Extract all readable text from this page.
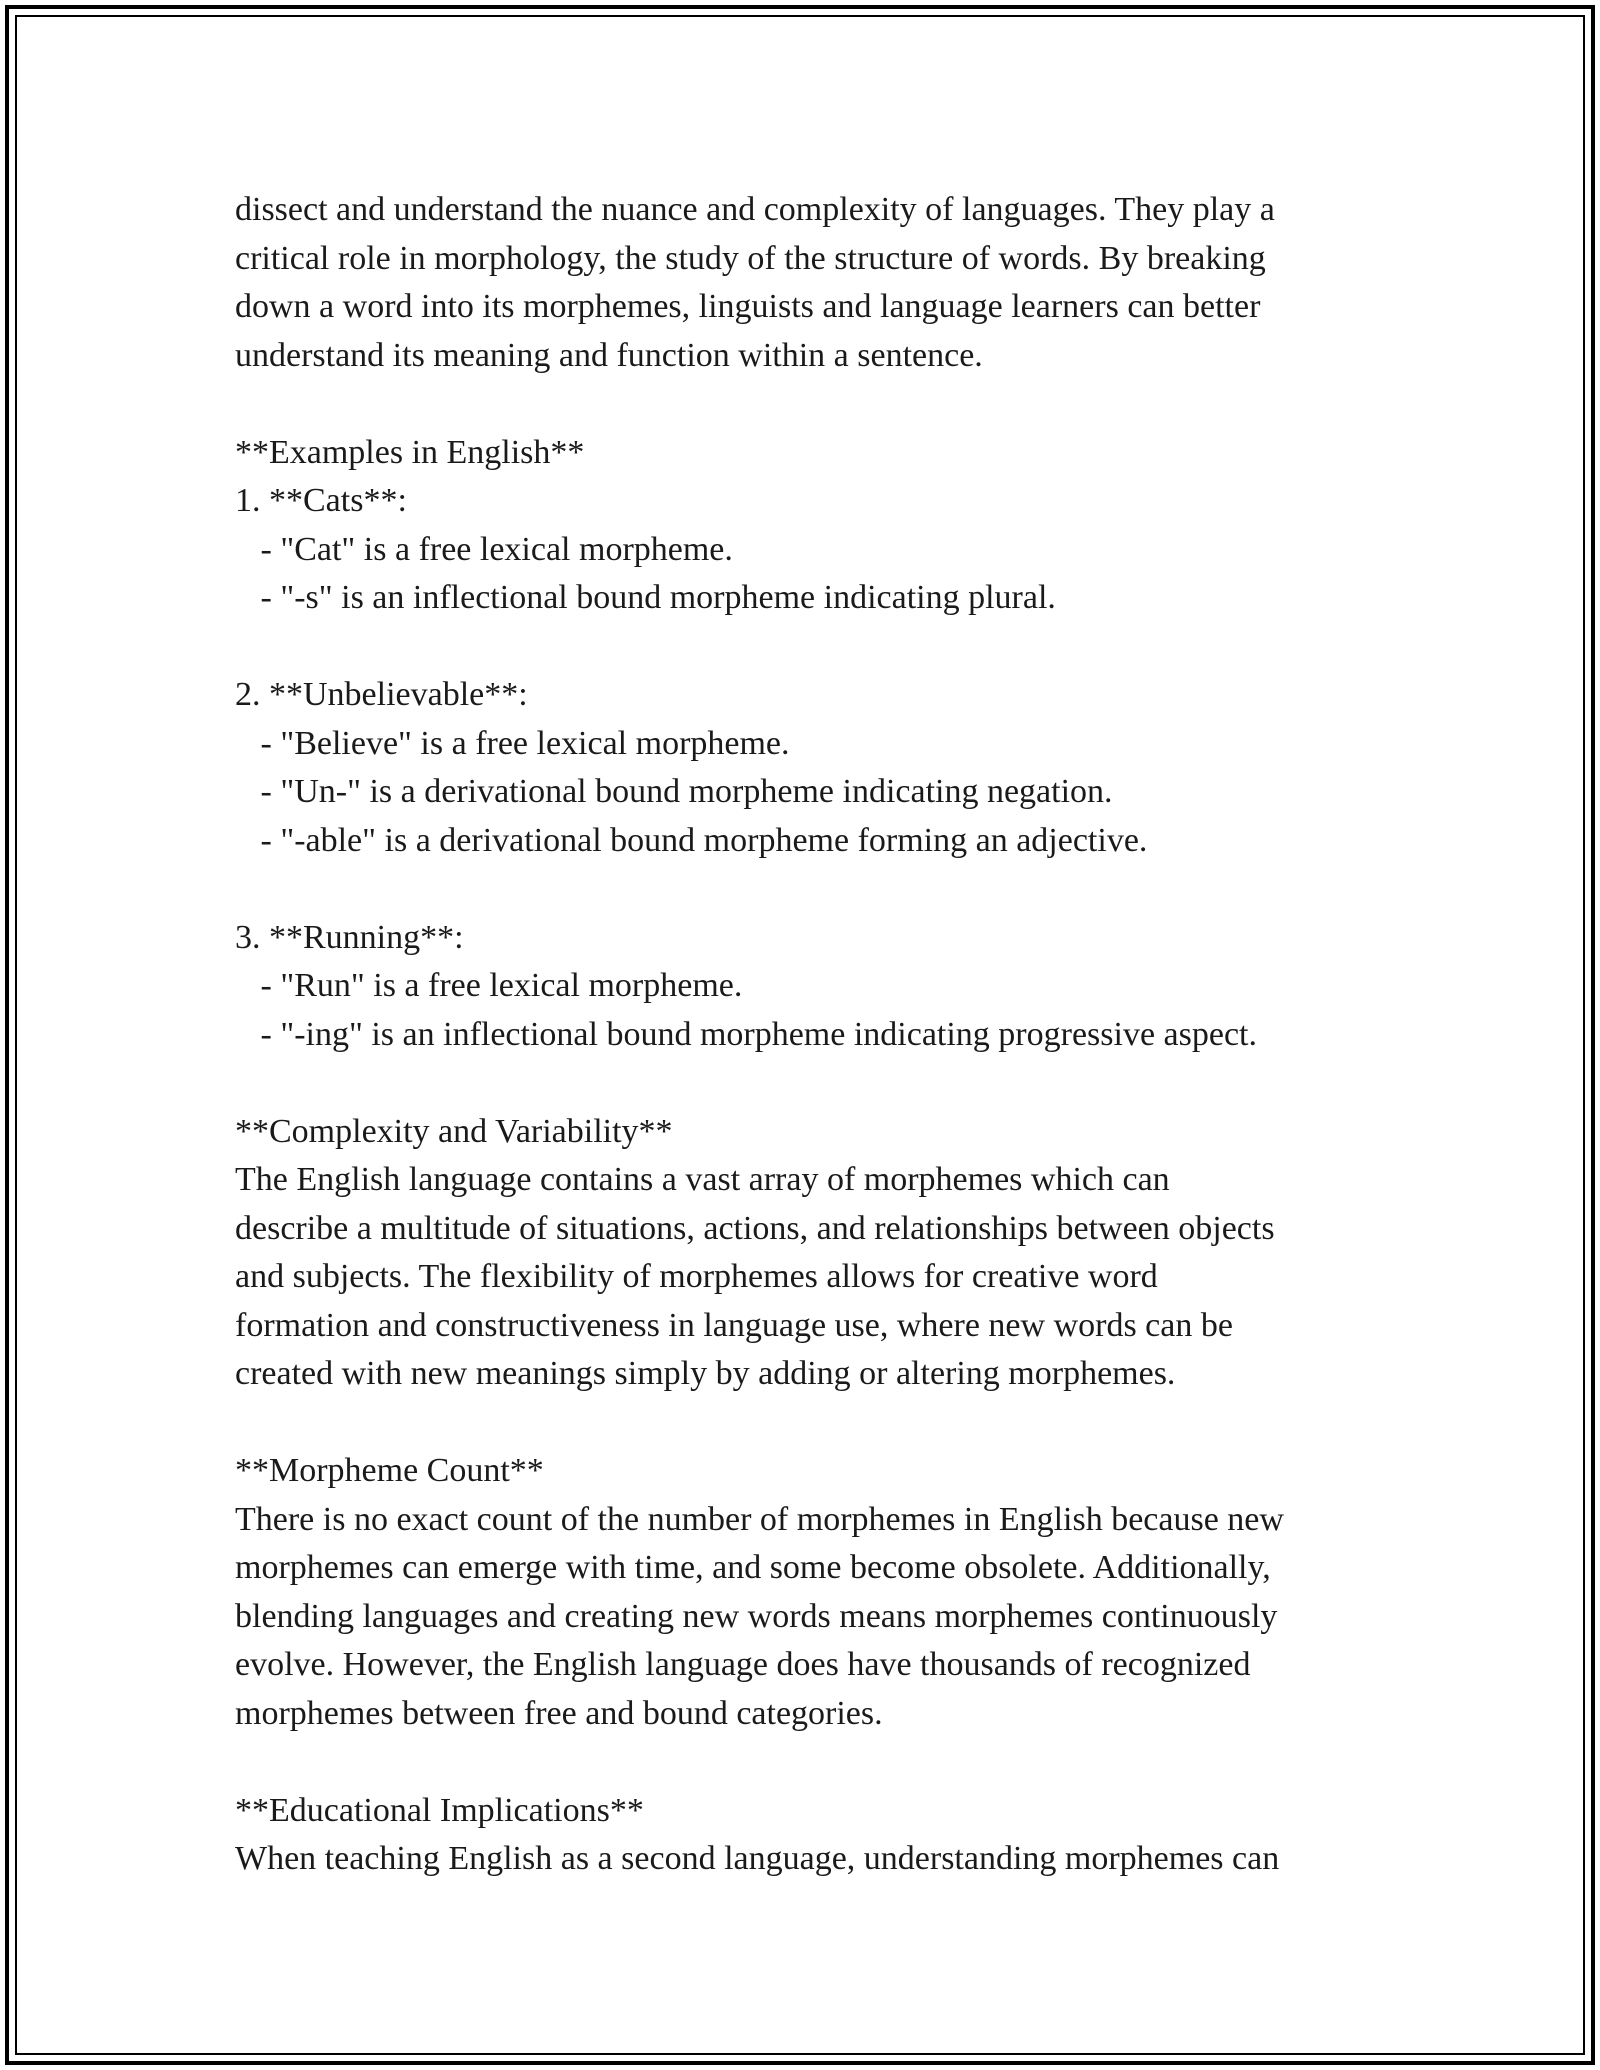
dissect and understand the nuance and complexity of languages. They play a
critical role in morphology, the study of the structure of words. By breaking
down a word into its morphemes, linguists and language learners can better
understand its meaning and function within a sentence.
**Examples in English**
1. **Cats**:
- "Cat" is a free lexical morpheme.
- "-s" is an inflectional bound morpheme indicating plural.
2. **Unbelievable**:
- "Believe" is a free lexical morpheme.
- "Un-" is a derivational bound morpheme indicating negation.
- "-able" is a derivational bound morpheme forming an adjective.
3. **Running**:
- "Run" is a free lexical morpheme.
- "-ing" is an inflectional bound morpheme indicating progressive aspect.
**Complexity and Variability**
The English language contains a vast array of morphemes which can
describe a multitude of situations, actions, and relationships between objects
and subjects. The flexibility of morphemes allows for creative word
formation and constructiveness in language use, where new words can be
created with new meanings simply by adding or altering morphemes.
**Morpheme Count**
There is no exact count of the number of morphemes in English because new
morphemes can emerge with time, and some become obsolete. Additionally,
blending languages and creating new words means morphemes continuously
evolve. However, the English language does have thousands of recognized
morphemes between free and bound categories.
**Educational Implications**
When teaching English as a second language, understanding morphemes can
